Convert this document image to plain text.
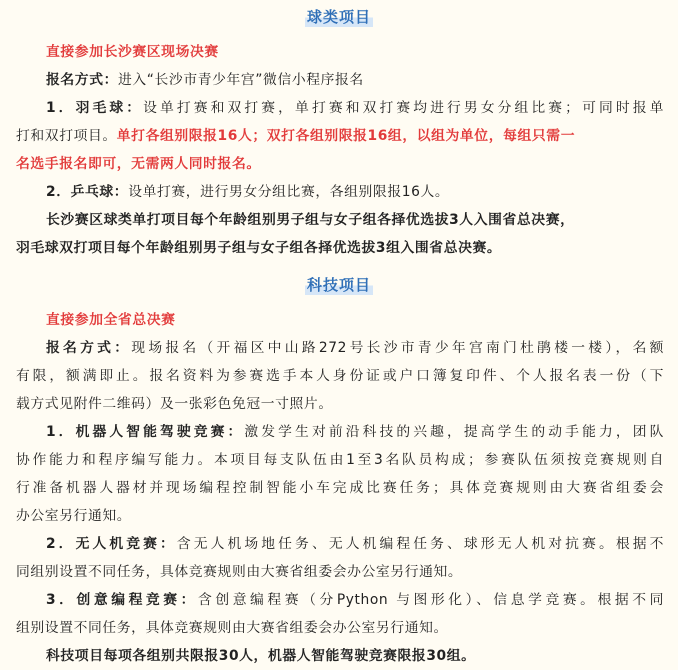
球类项目
直接参加长沙赛区现场决赛
报名方式：进入“长沙市青少年宫”微信小程序报名
1．羽毛球：设单打赛和双打赛，单打赛和双打赛均进行男女分组比赛；可同时报单
打和双打项目。单打各组别限报16人；双打各组别限报16组，以组为单位，每组只需一
名选手报名即可，无需两人同时报名。
2．乒乓球：设单打赛，进行男女分组比赛，各组别限报16人。
长沙赛区球类单打项目每个年龄组别男子组与女子组各择优选拔3人入围省总决赛，
羽毛球双打项目每个年龄组别男子组与女子组各择优选拔3组入围省总决赛。
科技项目
直接参加全省总决赛
报名方式：现场报名（开福区中山路272号长沙市青少年宫南门杜鹃楼一楼），名额
有限，额满即止。报名资料为参赛选手本人身份证或户口簿复印件、个人报名表一份（下
载方式见附件二维码）及一张彩色免冠一寸照片。
1．机器人智能驾驶竞赛：激发学生对前沿科技的兴趣，提高学生的动手能力，团队
协作能力和程序编写能力。本项目每支队伍由1至3名队员构成；参赛队伍须按竞赛规则自
行准备机器人器材并现场编程控制智能小车完成比赛任务；具体竞赛规则由大赛省组委会
办公室另行通知。
2．无人机竞赛：含无人机场地任务、无人机编程任务、球形无人机对抗赛。根据不
同组别设置不同任务，具体竞赛规则由大赛省组委会办公室另行通知。
3．创意编程竞赛：含创意编程赛（分Python 与图形化）、信息学竞赛。根据不同
组别设置不同任务，具体竞赛规则由大赛省组委会办公室另行通知。
科技项目每项各组别共限报30人，机器人智能驾驶竞赛限报30组。
